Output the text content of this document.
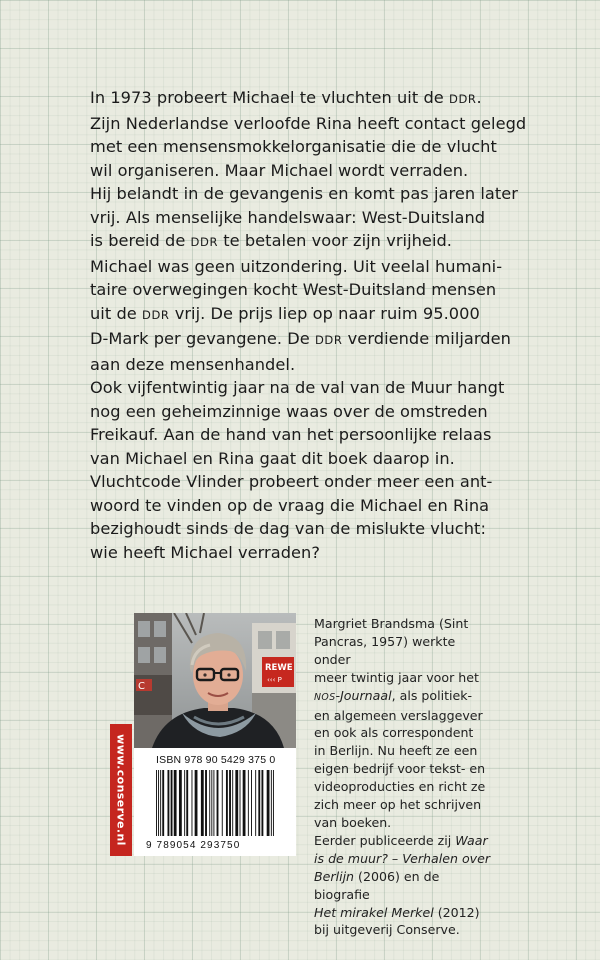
In 1973 probeert Michael te vluchten uit de DDR.

Zijn Nederlandse verloofde Rina heeft contact gelegd

met een mensensmokkelorganisatie die de vlucht

wil organiseren. Maar Michael wordt verraden.

Hij belandt in de gevangenis en komt pas jaren later

vrij. Als menselijke handelswaar: West-Duitsland

is bereid de DDR te betalen voor zijn vrijheid.

Michael was geen uitzondering. Uit veelal humani-

taire overwegingen kocht West-Duitsland mensen

uit de DDR vrij. De prijs liep op naar ruim 95.000

D-Mark per gevangene. De DDR verdiende miljarden

aan deze mensenhandel.

Ook vijfentwintig jaar na de val van de Muur hangt

nog een geheimzinnige waas over de omstreden

Freikauf. Aan de hand van het persoonlijke relaas

van Michael en Rina gaat dit boek daarop in.

Vluchtcode Vlinder probeert onder meer een ant-

woord te vinden op de vraag die Michael en Rina

bezighoudt sinds de dag van de mislukte vlucht:

wie heeft Michael verraden?

C
REWE
‹‹‹ P
www.conserve.nl	ISBN 978 90 5429 375 0
9 789054 293750

Margriet Brandsma (Sint

Pancras, 1957) werkte onder

meer twintig jaar voor het

NOS-Journaal, als politiek-

en algemeen verslaggever

en ook als correspondent

in Berlijn. Nu heeft ze een

eigen bedrijf voor tekst- en

videoproducties en richt ze

zich meer op het schrijven

van boeken.

Eerder publiceerde zij Waar

is de muur? – Verhalen over

Berlijn (2006) en de biografie

Het mirakel Merkel (2012)

bij uitgeverij Conserve.
